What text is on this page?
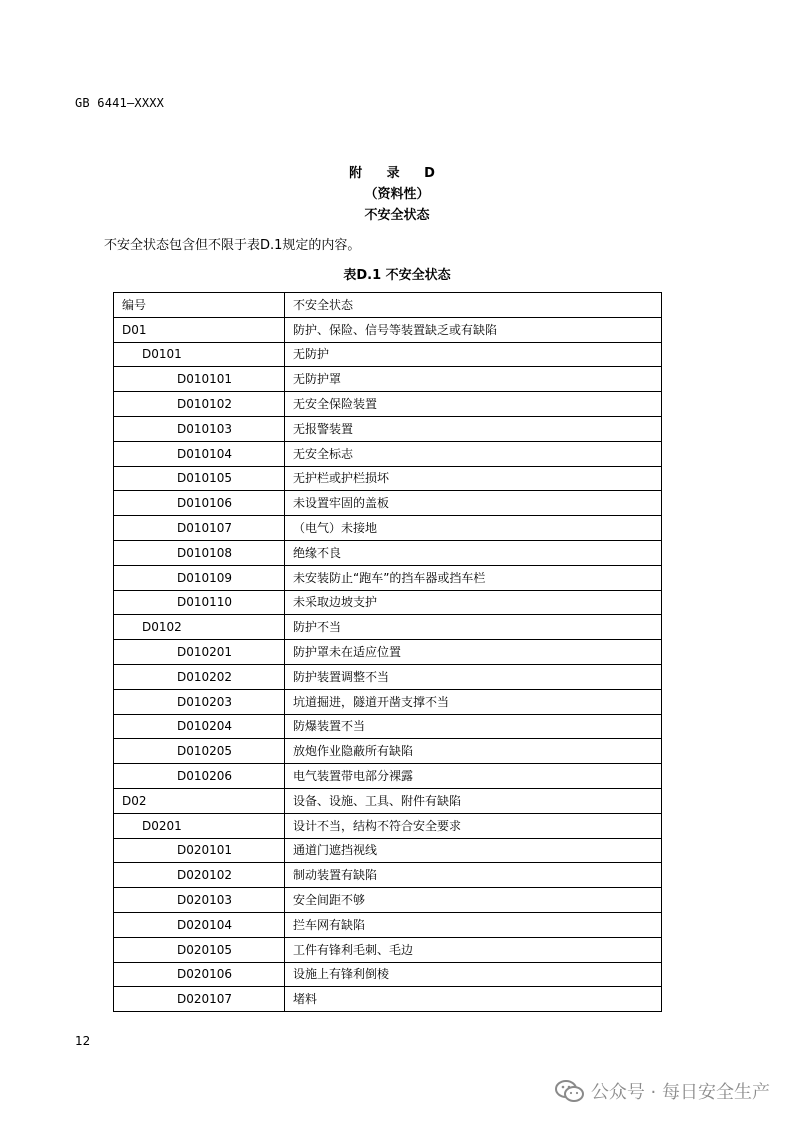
GB 6441—XXXX
附 录 D
（资料性）
不安全状态
不安全状态包含但不限于表D.1规定的内容。
表D.1 不安全状态
编号	不安全状态
D01	防护、保险、信号等装置缺乏或有缺陷
D0101	无防护
D010101	无防护罩
D010102	无安全保险装置
D010103	无报警装置
D010104	无安全标志
D010105	无护栏或护栏损坏
D010106	未设置牢固的盖板
D010107	（电气）未接地
D010108	绝缘不良
D010109	未安装防止“跑车”的挡车器或挡车栏
D010110	未采取边坡支护
D0102	防护不当
D010201	防护罩未在适应位置
D010202	防护装置调整不当
D010203	坑道掘进，隧道开凿支撑不当
D010204	防爆装置不当
D010205	放炮作业隐蔽所有缺陷
D010206	电气装置带电部分裸露
D02	设备、设施、工具、附件有缺陷
D0201	设计不当，结构不符合安全要求
D020101	通道门遮挡视线
D020102	制动装置有缺陷
D020103	安全间距不够
D020104	拦车网有缺陷
D020105	工件有锋利毛刺、毛边
D020106	设施上有锋利倒棱
D020107	堵料
12
公众号 · 每日安全生产
